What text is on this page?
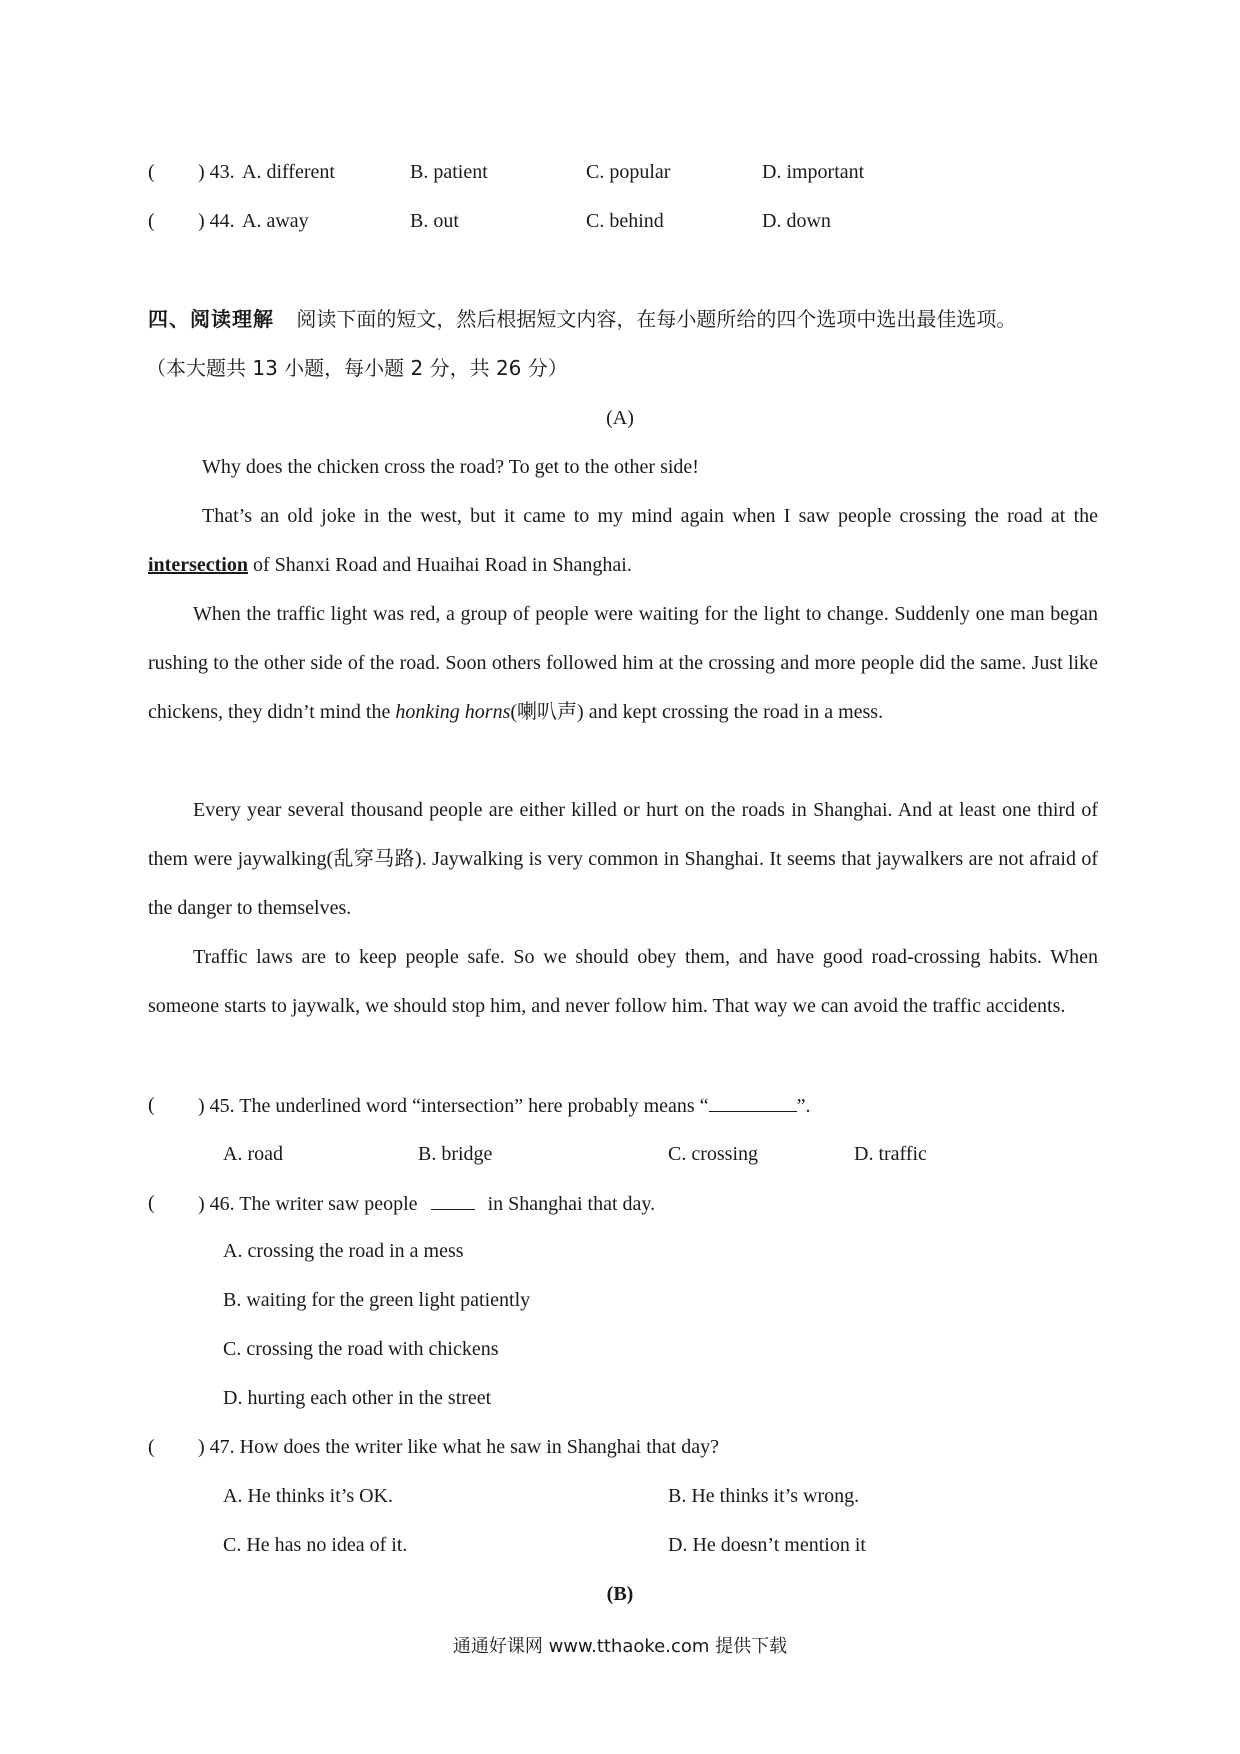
( ) 43. A. different	B. patient	C. popular	D. important
( ) 44. A. away	B. out	C. behind	D. down
四、阅读理解 阅读下面的短文，然后根据短文内容，在每小题所给的四个选项中选出最佳选项。
（本大题共 13 小题，每小题 2 分，共 26 分）
(A)

Why does the chicken cross the road? To get to the other side!

That’s an old joke in the west, but it came to my mind again when I saw people crossing the road at the intersection of Shanxi Road and Huaihai Road in Shanghai.

When the traffic light was red, a group of people were waiting for the light to change. Suddenly one man began rushing to the other side of the road. Soon others followed him at the crossing and more people did the same. Just like chickens, they didn’t mind the honking horns(喇叭声) and kept crossing the road in a mess.

Every year several thousand people are either killed or hurt on the roads in Shanghai. And at least one third of them were jaywalking(乱穿马路). Jaywalking is very common in Shanghai. It seems that jaywalkers are not afraid of the danger to themselves.

Traffic laws are to keep people safe. So we should obey them, and have good road-crossing habits. When someone starts to jaywalk, we should stop him, and never follow him. That way we can avoid the traffic accidents.

( ) 45. The underlined word “intersection” here probably means “	”.
A. road	B. bridge	C. crossing	D. traffic
( ) 46. The writer saw people	in Shanghai that day.
A. crossing the road in a mess
B. waiting for the green light patiently
C. crossing the road with chickens
D. hurting each other in the street
( ) 47. How does the writer like what he saw in Shanghai that day?
A. He thinks it’s OK.	B. He thinks it’s wrong.
C. He has no idea of it.	D. He doesn’t mention it
(B)
通通好课网 www.tthaoke.com 提供下载
